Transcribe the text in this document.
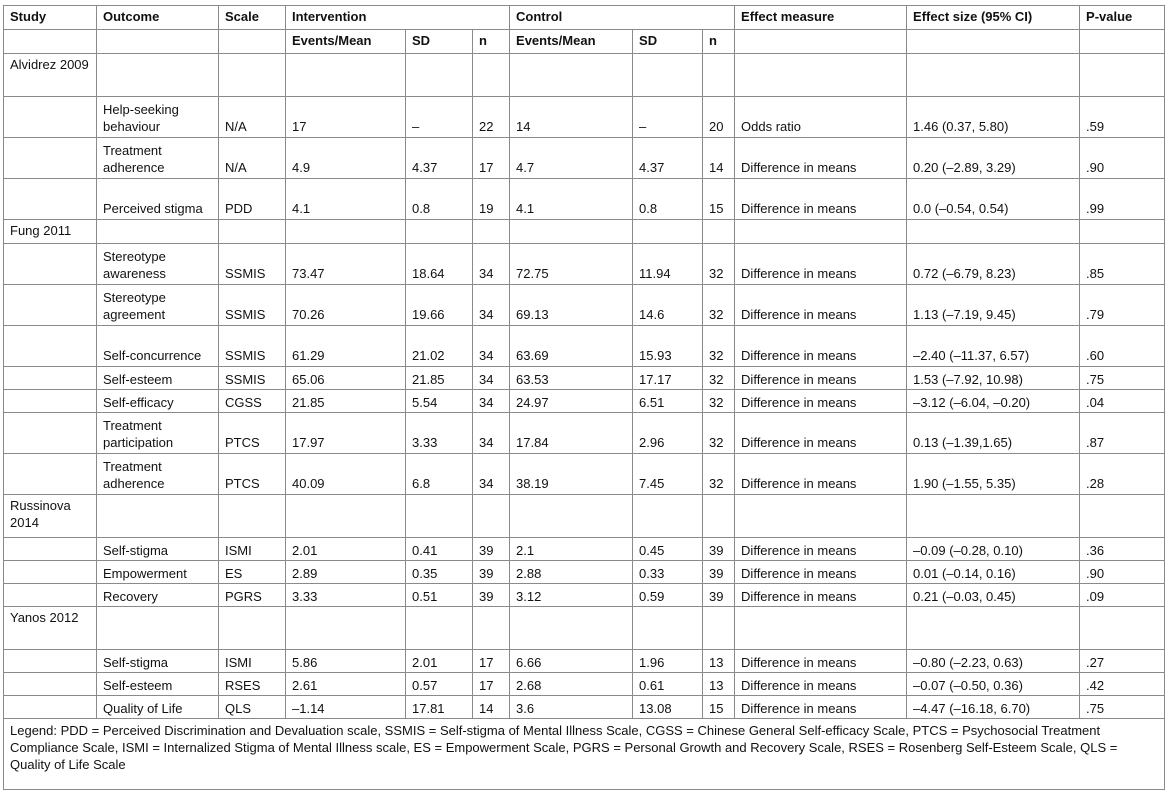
Study	Outcome	Scale	Intervention			Control			Effect measure	Effect size (95% CI)	P-value
			Events/Mean	SD	n	Events/Mean	SD	n			
Alvidrez 2009											
	Help-seeking behaviour	N/A	17	–	22	14	–	20	Odds ratio	1.46 (0.37, 5.80)	.59
	Treatment adherence	N/A	4.9	4.37	17	4.7	4.37	14	Difference in means	0.20 (–2.89, 3.29)	.90
	Perceived stigma	PDD	4.1	0.8	19	4.1	0.8	15	Difference in means	0.0 (–0.54, 0.54)	.99
Fung 2011											
	Stereotype awareness	SSMIS	73.47	18.64	34	72.75	11.94	32	Difference in means	0.72 (–6.79, 8.23)	.85
	Stereotype agreement	SSMIS	70.26	19.66	34	69.13	14.6	32	Difference in means	1.13 (–7.19, 9.45)	.79
	Self-concurrence	SSMIS	61.29	21.02	34	63.69	15.93	32	Difference in means	–2.40 (–11.37, 6.57)	.60
	Self-esteem	SSMIS	65.06	21.85	34	63.53	17.17	32	Difference in means	1.53 (–7.92, 10.98)	.75
	Self-efficacy	CGSS	21.85	5.54	34	24.97	6.51	32	Difference in means	–3.12 (–6.04, –0.20)	.04
	Treatment participation	PTCS	17.97	3.33	34	17.84	2.96	32	Difference in means	0.13 (–1.39,1.65)	.87
	Treatment adherence	PTCS	40.09	6.8	34	38.19	7.45	32	Difference in means	1.90 (–1.55, 5.35)	.28
Russinova 2014											
	Self-stigma	ISMI	2.01	0.41	39	2.1	0.45	39	Difference in means	–0.09 (–0.28, 0.10)	.36
	Empowerment	ES	2.89	0.35	39	2.88	0.33	39	Difference in means	0.01 (–0.14, 0.16)	.90
	Recovery	PGRS	3.33	0.51	39	3.12	0.59	39	Difference in means	0.21 (–0.03, 0.45)	.09
Yanos 2012											
	Self-stigma	ISMI	5.86	2.01	17	6.66	1.96	13	Difference in means	–0.80 (–2.23, 0.63)	.27
	Self-esteem	RSES	2.61	0.57	17	2.68	0.61	13	Difference in means	–0.07 (–0.50, 0.36)	.42
	Quality of Life	QLS	–1.14	17.81	14	3.6	13.08	15	Difference in means	–4.47 (–16.18, 6.70)	.75
Legend: PDD = Perceived Discrimination and Devaluation scale, SSMIS = Self-stigma of Mental Illness Scale, CGSS = Chinese General Self-efficacy Scale, PTCS = Psychosocial Treatment Compliance Scale, ISMI = Internalized Stigma of Mental Illness scale, ES = Empowerment Scale, PGRS = Personal Growth and Recovery Scale, RSES = Rosenberg Self-Esteem Scale, QLS = Quality of Life Scale											
